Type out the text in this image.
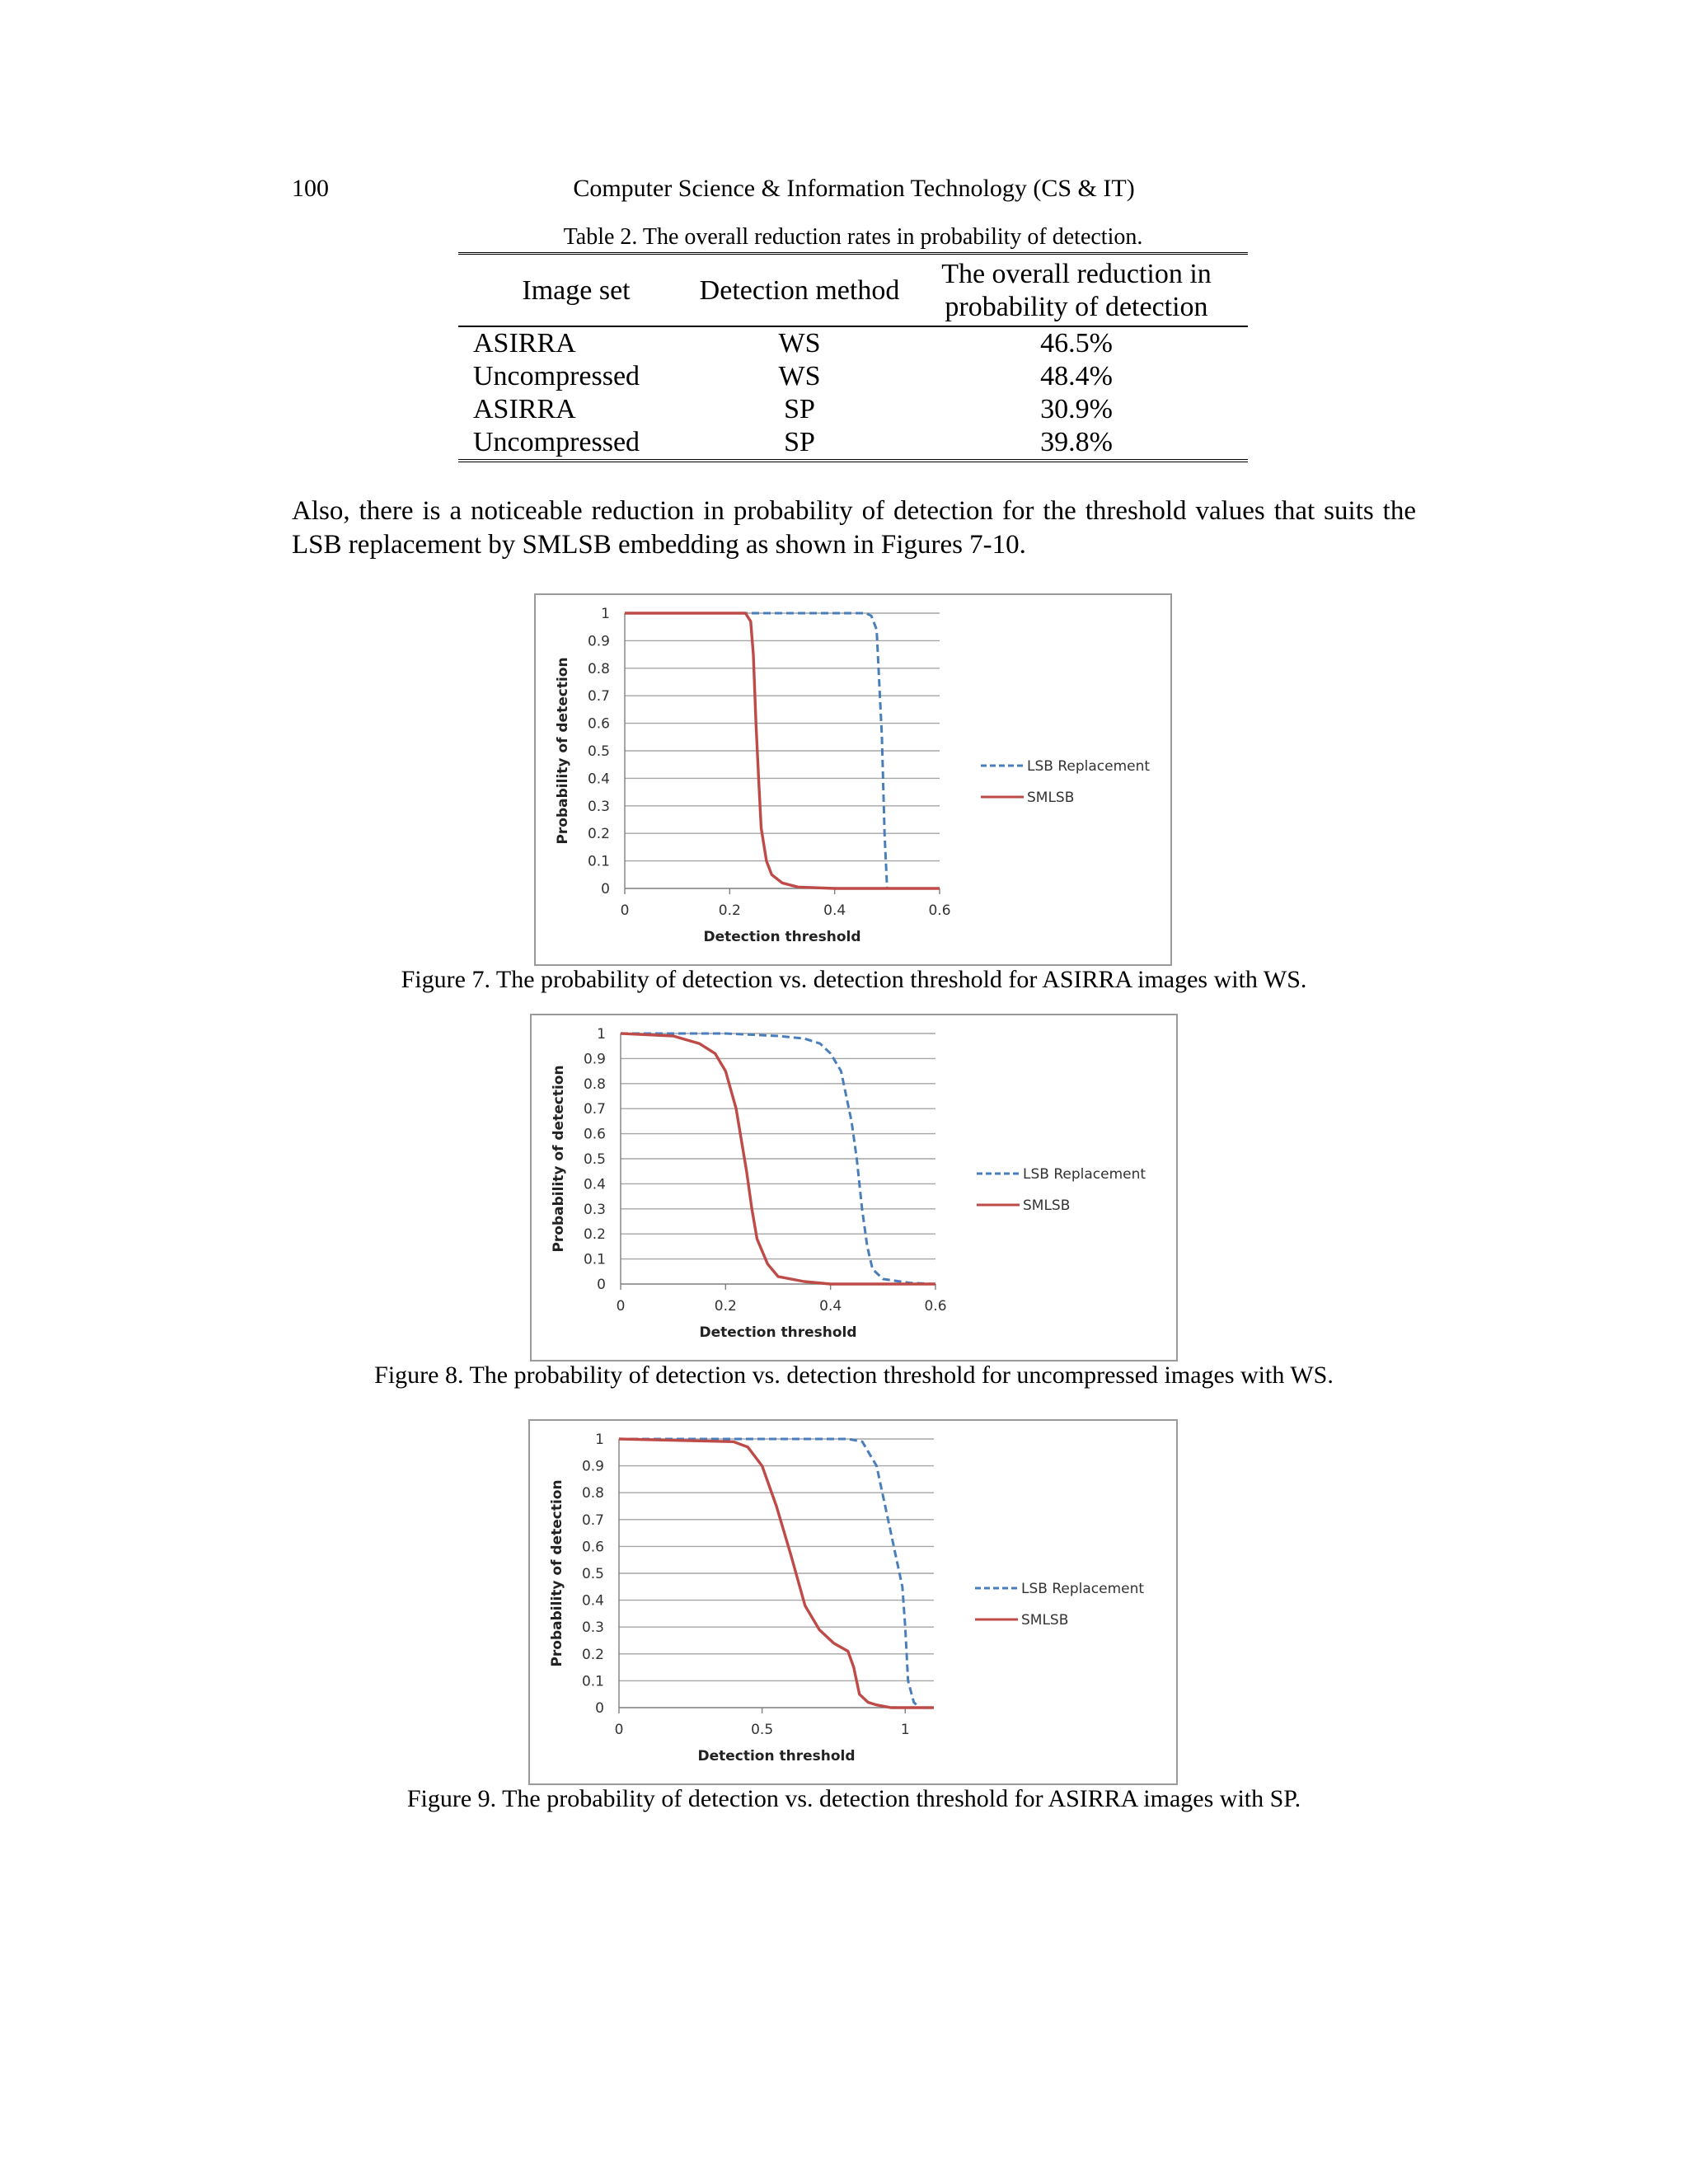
100	Computer Science & Information Technology (CS & IT)
Table 2. The overall reduction rates in probability of detection.
Image set	Detection method	The overall reduction in probability of detection
ASIRRA	WS	46.5%
Uncompressed	WS	48.4%
ASIRRA	SP	30.9%
Uncompressed	SP	39.8%
Also, there is a noticeable reduction in probability of detection for the threshold values that suits the LSB replacement by SMLSB embedding as shown in Figures 7-10.
0
0.1
0.2
0.3
0.4
0.5
0.6
0.7
0.8
0.9
1
0	0.2	0.4	0.6
Detection threshold
Probability of detection	LSB Replacement
SMLSB
Figure 7. The probability of detection vs. detection threshold for ASIRRA images with WS.
0
0.1
0.2
0.3
0.4
0.5
0.6
0.7
0.8
0.9
1
0	0.2	0.4	0.6
Detection threshold
Probability of detection	LSB Replacement
SMLSB
Figure 8. The probability of detection vs. detection threshold for uncompressed images with WS.
0
0.1
0.2
0.3
0.4
0.5
0.6
0.7
0.8
0.9
1
0	0.5	1
Detection threshold
Probability of detection	LSB Replacement
SMLSB
Figure 9. The probability of detection vs. detection threshold for ASIRRA images with SP.
